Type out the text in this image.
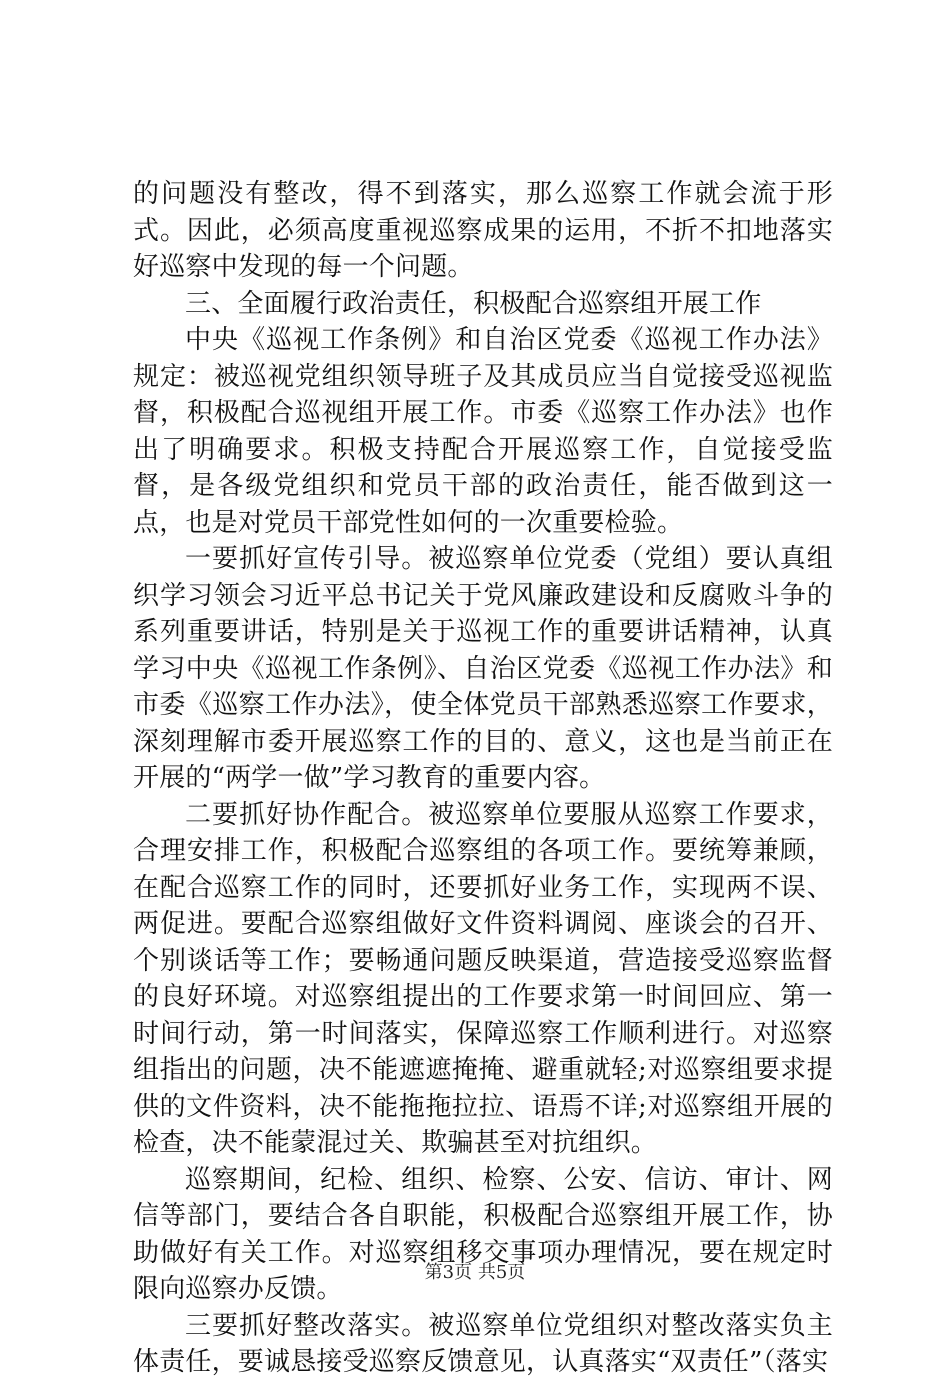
的问题没有整改，得不到落实，那么巡察工作就会流于形式。因此，必须高度重视巡察成果的运用，不折不扣地落实好巡察中发现的每一个问题。

三、全面履行政治责任，积极配合巡察组开展工作

中央《巡视工作条例》和自治区党委《巡视工作办法》规定：被巡视党组织领导班子及其成员应当自觉接受巡视监督，积极配合巡视组开展工作。市委《巡察工作办法》也作出了明确要求。积极支持配合开展巡察工作，自觉接受监督，是各级党组织和党员干部的政治责任，能否做到这一点，也是对党员干部党性如何的一次重要检验。

一要抓好宣传引导。被巡察单位党委（党组）要认真组织学习领会习近平总书记关于党风廉政建设和反腐败斗争的系列重要讲话，特别是关于巡视工作的重要讲话精神，认真学习中央《巡视工作条例》、自治区党委《巡视工作办法》和市委《巡察工作办法》，使全体党员干部熟悉巡察工作要求，深刻理解市委开展巡察工作的目的、意义，这也是当前正在开展的“两学一做”学习教育的重要内容。

二要抓好协作配合。被巡察单位要服从巡察工作要求，合理安排工作，积极配合巡察组的各项工作。要统筹兼顾，在配合巡察工作的同时，还要抓好业务工作，实现两不误、两促进。要配合巡察组做好文件资料调阅、座谈会的召开、个别谈话等工作；要畅通问题反映渠道，营造接受巡察监督的良好环境。对巡察组提出的工作要求第一时间回应、第一时间行动，第一时间落实，保障巡察工作顺利进行。对巡察组指出的问题，决不能遮遮掩掩、避重就轻;对巡察组要求提供的文件资料，决不能拖拖拉拉、语焉不详;对巡察组开展的检查，决不能蒙混过关、欺骗甚至对抗组织。

巡察期间，纪检、组织、检察、公安、信访、审计、网信等部门，要结合各自职能，积极配合巡察组开展工作，协助做好有关工作。对巡察组移交事项办理情况，要在规定时限向巡察办反馈。

三要抓好整改落实。被巡察单位党组织对整改落实负主体责任，要诚恳接受巡察反馈意见，认真落实“双责任”（落实

第3页 共5页
